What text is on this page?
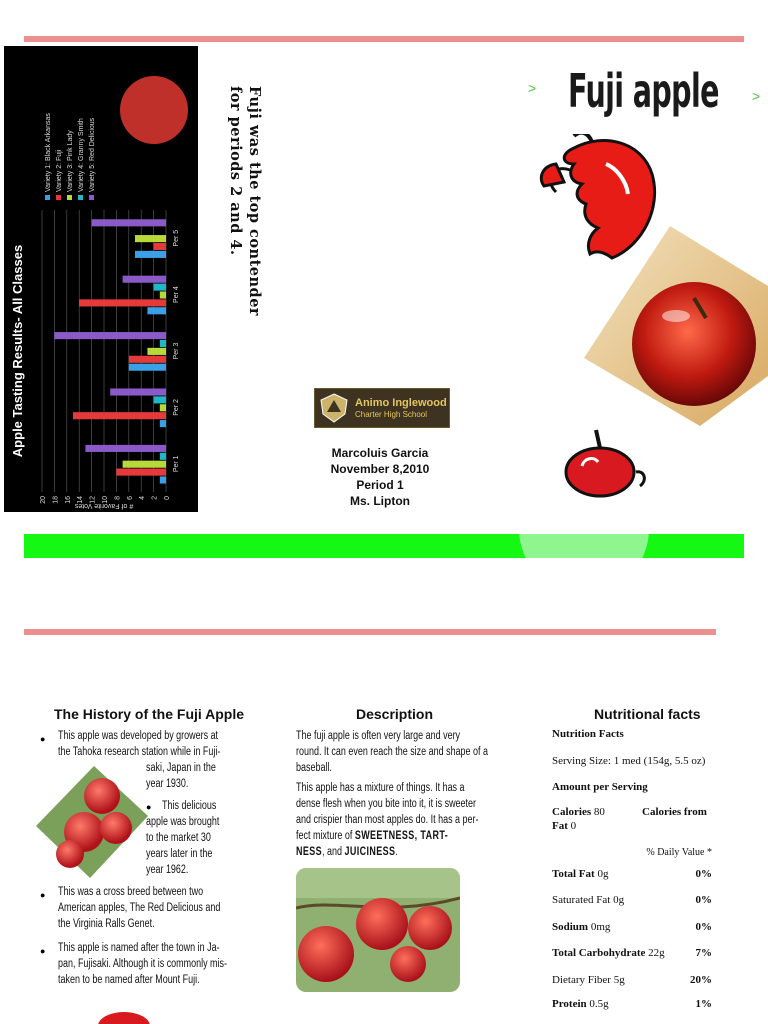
Apple Tasting Results- All Classes
0
2
4
6
8
10
12
14
16
18
20
# of Favorite Votes
Per 1
Per 2
Per 3
Per 4
Per 5
Variety 1: Black Arkansas Variety 2: Fuji Variety 3: Pink Lady Variety 4: Granny Smith Variety 5: Red Delicious	Fuji was the top contender for periods 2 and 4.	>	>
Fuji apple
Animo Inglewood
Charter High School
Marcoluis Garcia
November 8,2010
Period 1
Ms. Lipton
The History of the Fuji Apple
● This apple was developed by growers at
the Tahoka research station while in Fuji-
saki, Japan in the
year 1930.
● This delicious
apple was brought
to the market 30
years later in the
year 1962.
● This was a cross breed between two
American apples, The Red Delicious and
the Virginia Ralls Genet.
● This apple is named after the town in Ja-
pan, Fujisaki. Although it is commonly mis-
taken to be named after Mount Fuji.
Description
The fuji apple is often very large and very
round. It can even reach the size and shape of a
baseball.
This apple has a mixture of things. It has a
dense flesh when you bite into it, it is sweeter
and crispier than most apples do. It has a per-
fect mixture of SWEETNESS, TART-
NESS, and JUICINESS.
Nutritional facts
Nutrition Facts
Serving Size: 1 med (154g, 5.5 oz)
Amount per Serving
Calories 80	Calories from
Fat 0
% Daily Value *
Total Fat 0g	0%
Saturated Fat 0g	0%
Sodium 0mg	0%
Total Carbohydrate 22g	7%
Dietary Fiber 5g	20%
Protein 0.5g	1%
